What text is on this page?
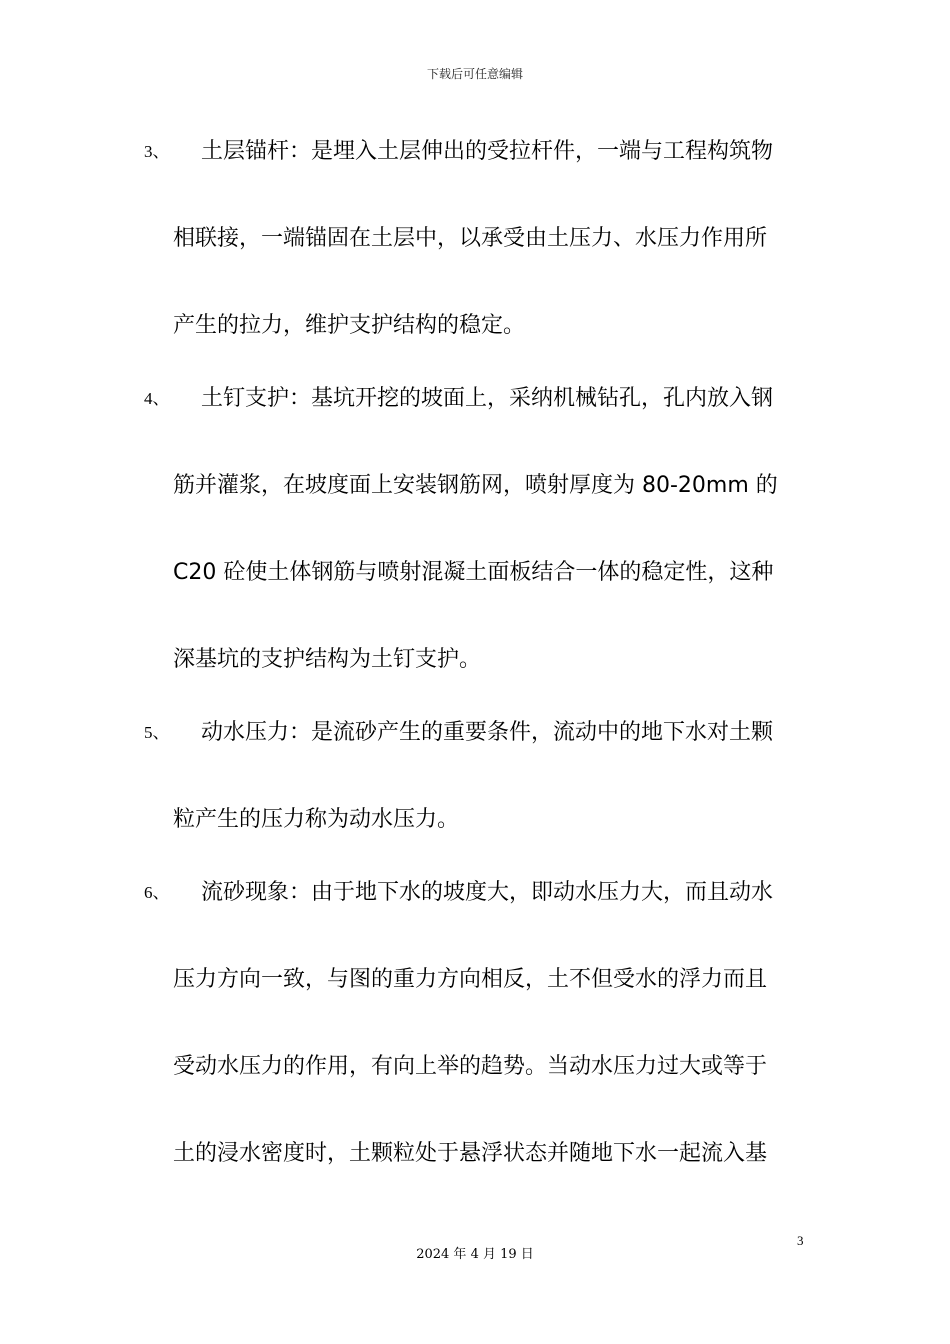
下载后可任意编辑
3、 土层锚杆：是埋入土层伸出的受拉杆件，一端与工程构筑物
相联接，一端锚固在土层中，以承受由土压力、水压力作用所
产生的拉力，维护支护结构的稳定。
4、 土钉支护：基坑开挖的坡面上，采纳机械钻孔，孔内放入钢
筋并灌浆，在坡度面上安装钢筋网，喷射厚度为 80-20mm 的
C20 砼使土体钢筋与喷射混凝土面板结合一体的稳定性，这种
深基坑的支护结构为土钉支护。
5、 动水压力：是流砂产生的重要条件，流动中的地下水对土颗
粒产生的压力称为动水压力。
6、 流砂现象：由于地下水的坡度大，即动水压力大，而且动水
压力方向一致，与图的重力方向相反，土不但受水的浮力而且
受动水压力的作用，有向上举的趋势。当动水压力过大或等于
土的浸水密度时，土颗粒处于悬浮状态并随地下水一起流入基
3
2024 年 4 月 19 日
